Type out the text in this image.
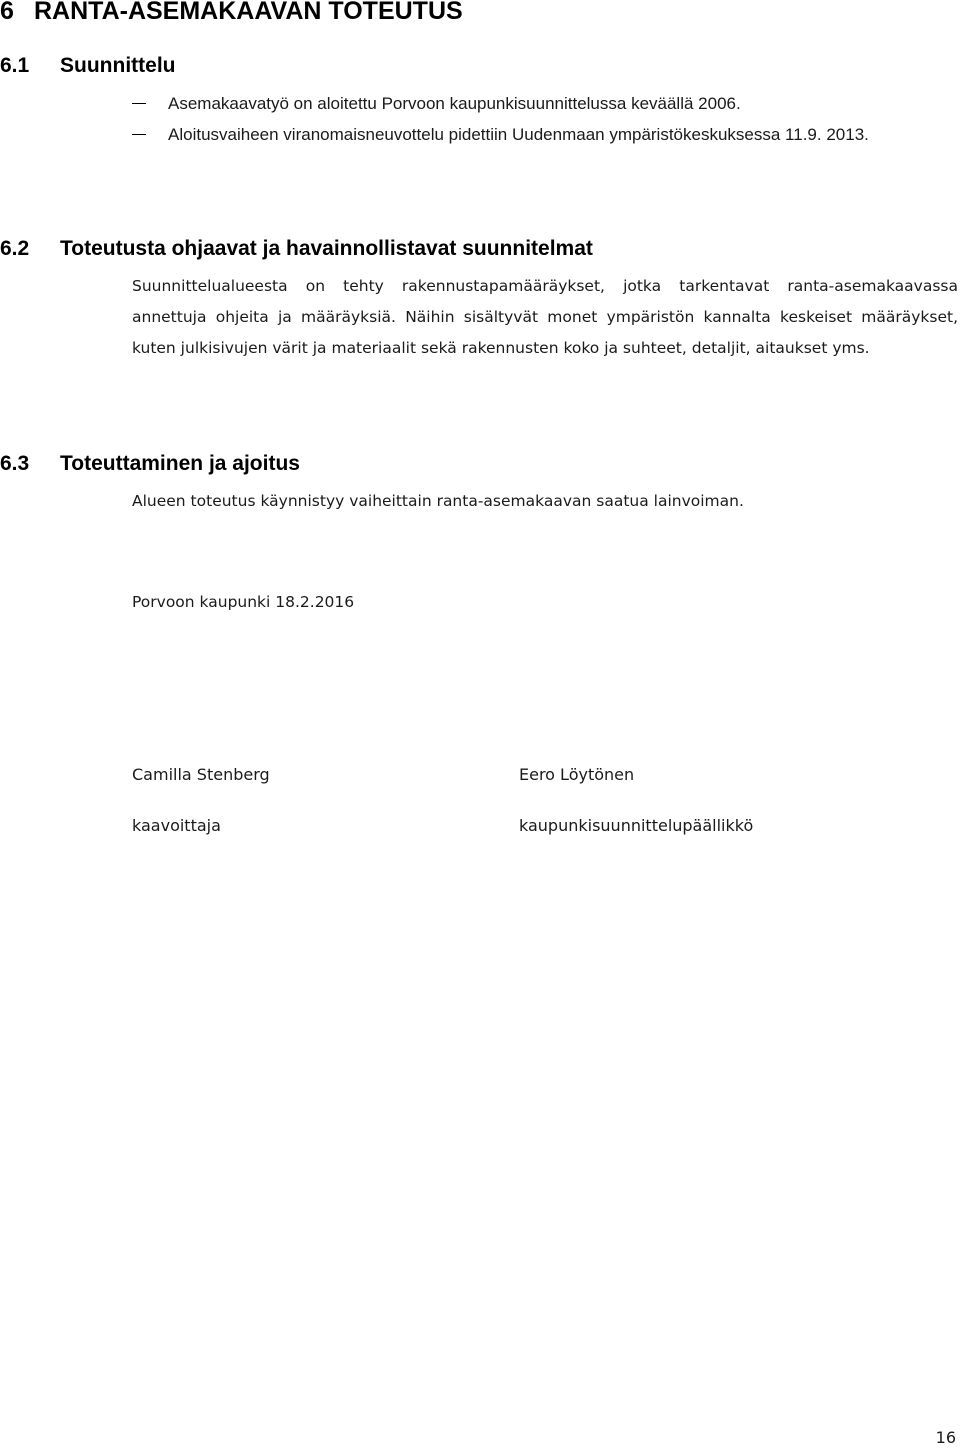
6 RANTA-ASEMAKAAVAN TOTEUTUS
6.1 Suunnittelu
Asemakaavatyö on aloitettu Porvoon kaupunkisuunnittelussa keväällä 2006.
Aloitusvaiheen viranomaisneuvottelu pidettiin Uudenmaan ympäristökeskuksessa 11.9. 2013.
6.2 Toteutusta ohjaavat ja havainnollistavat suunnitelmat

Suunnittelualueesta on tehty rakennustapamääräykset, jotka tarkentavat ranta-asemakaavassa annettuja ohjeita ja määräyksiä. Näihin sisältyvät monet ympäristön kannalta keskeiset määräykset, kuten julkisivujen värit ja materiaalit sekä rakennusten koko ja suhteet, detaljit, aitaukset yms.

6.3 Toteuttaminen ja ajoitus

Alueen toteutus käynnistyy vaiheittain ranta-asemakaavan saatua lainvoiman.

Porvoon kaupunki 18.2.2016

Camilla Stenberg

kaavoittaja

Eero Löytönen

kaupunkisuunnittelupäällikkö

16
